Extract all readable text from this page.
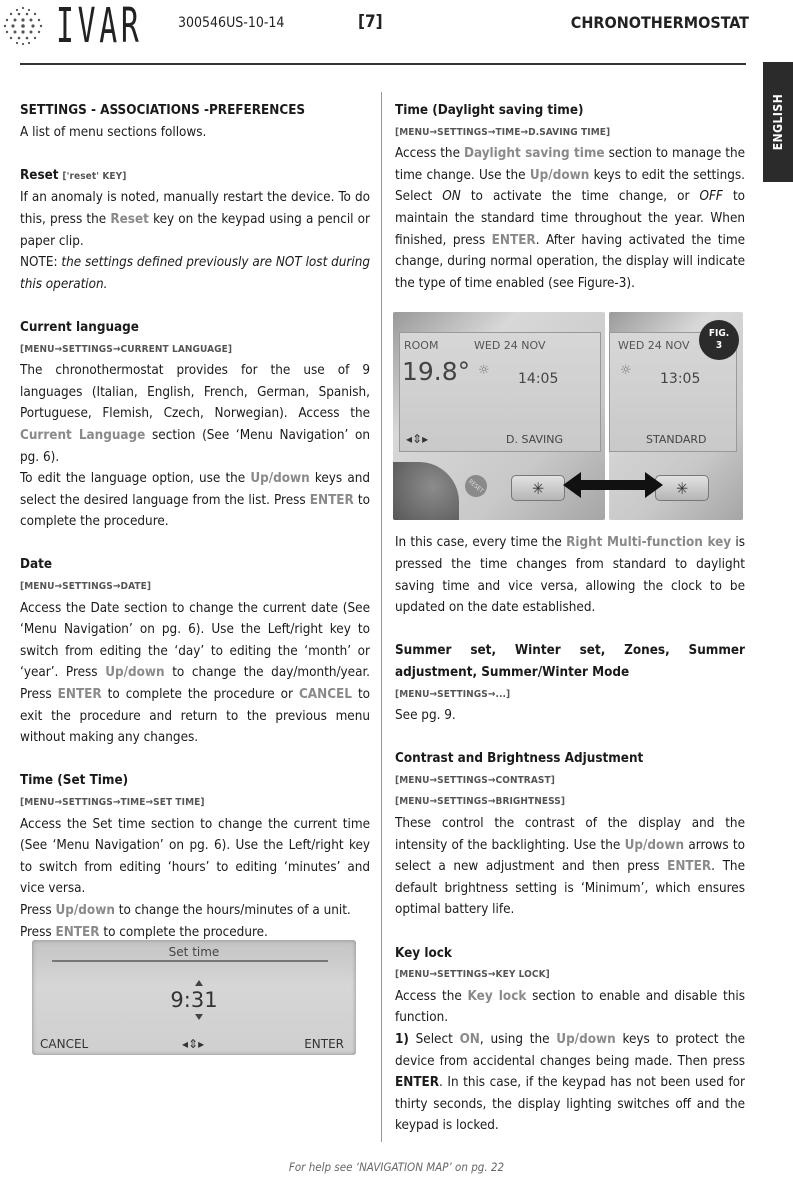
IVAR	300546US-10-14	[7]	CHRONOTHERMOSTAT
ENGLISH
SETTINGS - ASSOCIATIONS -PREFERENCES
A list of menu sections follows.
Reset ['reset' KEY]
If an anomaly is noted, manually restart the device. To do this, press the Reset key on the keypad using a pencil or paper clip.
NOTE: the settings defined previously are NOT lost during this operation.
Current language
[MENU→SETTINGS→CURRENT LANGUAGE]
The chronothermostat provides for the use of 9 languages (Italian, English, French, German, Spanish, Portuguese, Flemish, Czech, Norwegian). Access the Current Language section (See ‘Menu Navigation’ on pg. 6).
To edit the language option, use the Up/down keys and select the desired language from the list. Press ENTER to complete the procedure.
Date
[MENU→SETTINGS→DATE]
Access the Date section to change the current date (See ‘Menu Navigation’ on pg. 6). Use the Left/right key to switch from editing the ‘day’ to editing the ‘month’ or ‘year’. Press Up/down to change the day/month/year. Press ENTER to complete the procedure or CANCEL to exit the procedure and return to the previous menu without making any changes.
Time (Set Time)
[MENU→SETTINGS→TIME→SET TIME]
Access the Set time section to change the current time (See ‘Menu Navigation’ on pg. 6). Use the Left/right key to switch from editing ‘hours’ to editing ‘minutes’ and vice versa.
Press Up/down to change the hours/minutes of a unit.
Press ENTER to complete the procedure.
Set time
9:31
CANCEL	◂⇕▸	ENTER
Time (Daylight saving time)
[MENU→SETTINGS→TIME→D.SAVING TIME]
Access the Daylight saving time section to manage the time change. Use the Up/down keys to edit the settings. Select ON to activate the time change, or OFF to maintain the standard time throughout the year. When finished, press ENTER. After having activated the time change, during normal operation, the display will indicate the type of time enabled (see Figure-3).
In this case, every time the Right Multi-function key is pressed the time changes from standard to daylight saving time and vice versa, allowing the clock to be updated on the date established.
Summer set, Winter set, Zones, Summer adjustment, Summer/Winter Mode
[MENU→SETTINGS→...]
See pg. 9.
Contrast and Brightness Adjustment
[MENU→SETTINGS→CONTRAST]
[MENU→SETTINGS→BRIGHTNESS]
These control the contrast of the display and the intensity of the backlighting. Use the Up/down arrows to select a new adjustment and then press ENTER. The default brightness setting is ‘Minimum’, which ensures optimal battery life.
Key lock
[MENU→SETTINGS→KEY LOCK]
Access the Key lock section to enable and disable this function.
1) Select ON, using the Up/down keys to protect the device from accidental changes being made. Then press ENTER. In this case, if the keypad has not been used for thirty seconds, the display lighting switches off and the keypad is locked.
ROOM	WED 24 NOV
19.8° ☼
14:05
◂⇕▸	D. SAVING
RESET	✳
WED 24 NOV
☼
13:05
STANDARD
✳
FIG.
3
For help see ‘NAVIGATION MAP’ on pg. 22
